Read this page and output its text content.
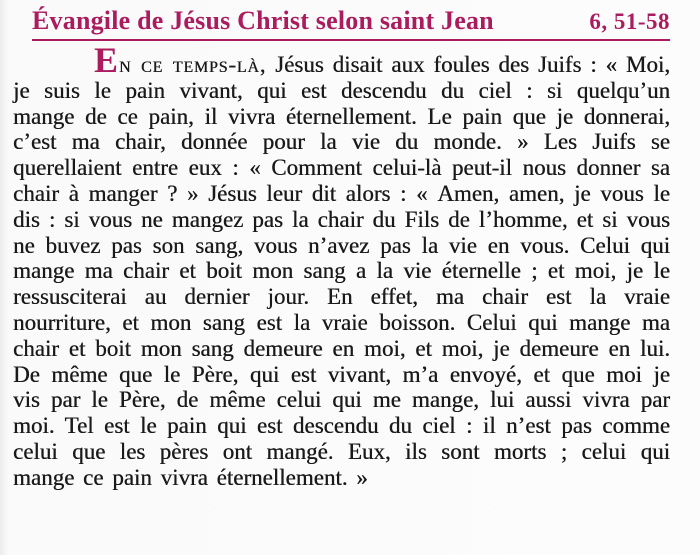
Évangile de Jésus Christ selon saint Jean	6, 51-58

En ce temps-là, Jésus disait aux foules des Juifs : « Moi, je suis le pain vivant, qui est descendu du ciel : si quelqu’un mange de ce pain, il vivra éternellement. Le pain que je donnerai, c’est ma chair, donnée pour la vie du monde. » Les Juifs se querellaient entre eux : « Comment celui-là peut-il nous donner sa chair à manger ? » Jésus leur dit alors : « Amen, amen, je vous le dis : si vous ne mangez pas la chair du Fils de l’homme, et si vous ne buvez pas son sang, vous n’avez pas la vie en vous. Celui qui mange ma chair et boit mon sang a la vie éternelle ; et moi, je le ressusciterai au dernier jour. En effet, ma chair est la vraie nourriture, et mon sang est la vraie boisson. Celui qui mange ma chair et boit mon sang demeure en moi, et moi, je demeure en lui. De même que le Père, qui est vivant, m’a envoyé, et que moi je vis par le Père, de même celui qui me mange, lui aussi vivra par moi. Tel est le pain qui est descendu du ciel : il n’est pas comme celui que les pères ont mangé. Eux, ils sont morts ; celui qui mange ce pain vivra éternellement. »
